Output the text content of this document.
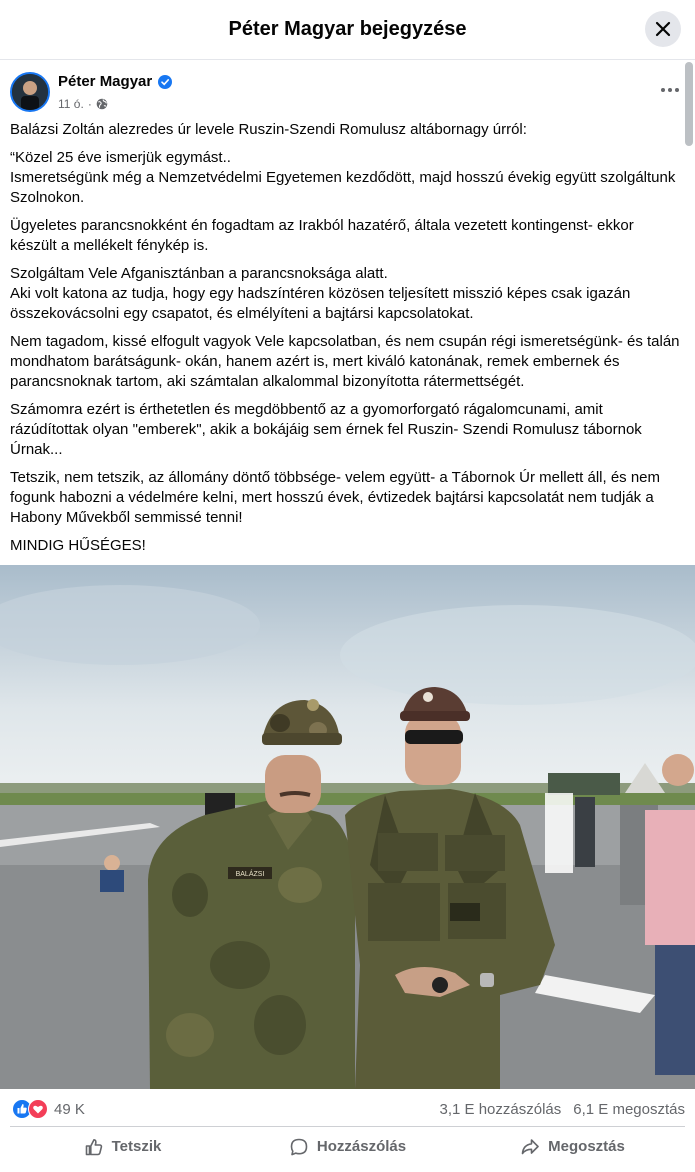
Péter Magyar bejegyzése
Péter Magyar
11 ó. ·

Balázsi Zoltán alezredes úr levele Ruszin-Szendi Romulusz altábornagy úrról:

“Közel 25 éve ismerjük egymást..
Ismeretségünk még a Nemzetvédelmi Egyetemen kezdődött, majd hosszú évekig együtt szolgáltunk Szolnokon.

Ügyeletes parancsnokként én fogadtam az Irakból hazatérő, általa vezetett kontingenst- ekkor készült a mellékelt fénykép is.

Szolgáltam Vele Afganisztánban a parancsnoksága alatt.
Aki volt katona az tudja, hogy egy hadszíntéren közösen teljesített misszió képes csak igazán összekovácsolni egy csapatot, és elmélyíteni a bajtársi kapcsolatokat.

Nem tagadom, kissé elfogult vagyok Vele kapcsolatban, és nem csupán régi ismeretségünk- és talán mondhatom barátságunk- okán, hanem azért is, mert kiváló katonának, remek embernek és parancsnoknak tartom, aki számtalan alkalommal bizonyította rátermettségét.

Számomra ezért is érthetetlen és megdöbbentő az a gyomorforgató rágalomcunami, amit rázúdítottak olyan "emberek", akik a bokájáig sem érnek fel Ruszin- Szendi Romulusz tábornok Úrnak...

Tetszik, nem tetszik, az állomány döntő többsége- velem együtt- a Tábornok Úr mellett áll, és nem fogunk habozni a védelmére kelni, mert hosszú évek, évtizedek bajtársi kapcsolatát nem tudják a Habony Művekből semmissé tenni!

MINDIG HŰSÉGES!

BALÁZSI
49 K	3,1 E hozzászólás 6,1 E megosztás
Tetszik	Hozzászólás	Megosztás
